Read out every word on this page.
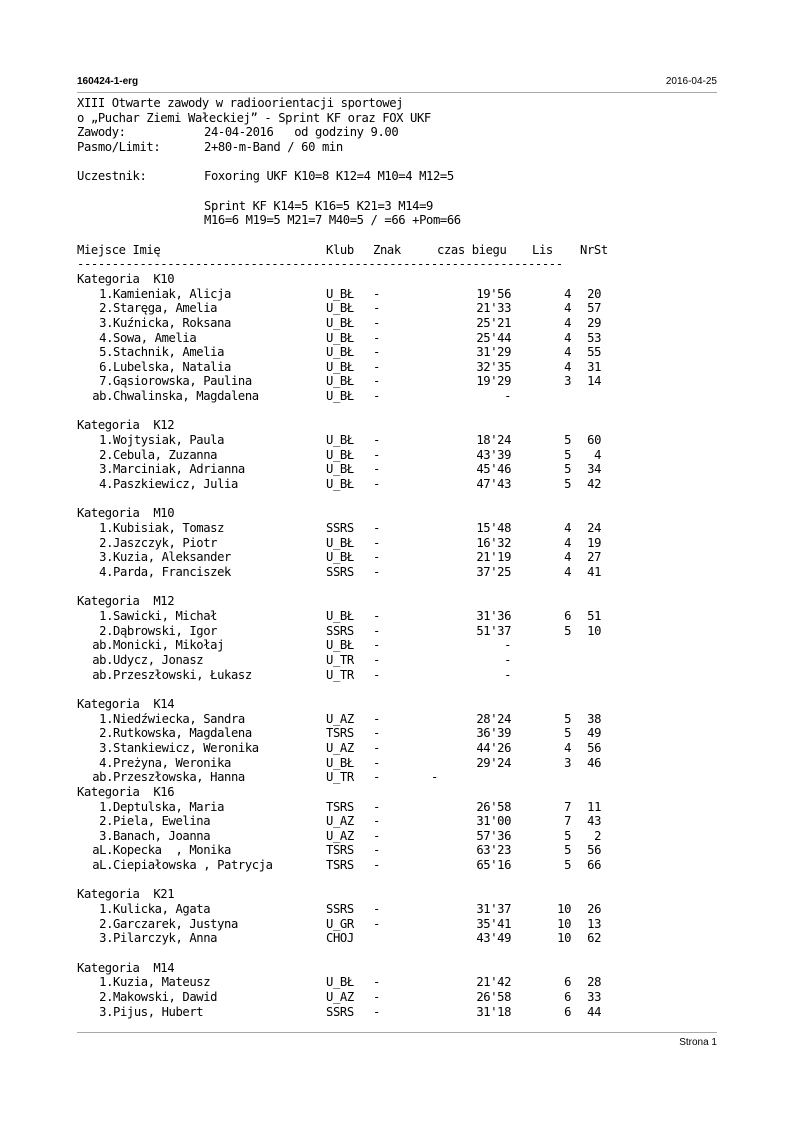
160424-1-erg	2016-04-25
XIII Otwarte zawody w radioorientacji sportowej
o „Puchar Ziemi Wałeckiej” - Sprint KF oraz FOX UKF
Zawody:	24-04-2016   od godziny 9.00
Pasmo/Limit:	2+80-m-Band / 60 min
Uczestnik:	Foxoring UKF K10=8 K12=4 M10=4 M12=5
Sprint KF K14=5 K16=5 K21=3 M14=9
M16=6 M19=5 M21=7 M40=5 / =66 +Pom=66
Miejsce Imię	Klub Znak	czas biegu Lis NrSt
----------------------------------------------------------------------
Kategoria  K10
1.Kamieniak, Alicja	U_BŁ -	19'56	4 20
2.Staręga, Amelia	U_BŁ -	21'33	4 57
3.Kuźnicka, Roksana	U_BŁ -	25'21	4 29
4.Sowa, Amelia	U_BŁ -	25'44	4 53
5.Stachnik, Amelia	U_BŁ -	31'29	4 55
6.Lubelska, Natalia	U_BŁ -	32'35	4 31
7.Gąsiorowska, Paulina	U_BŁ -	19'29	3 14
ab.Chwalinska, Magdalena	U_BŁ -	-
Kategoria  K12
1.Wojtysiak, Paula	U_BŁ -	18'24	5 60
2.Cebula, Zuzanna	U_BŁ -	43'39	5 4
3.Marciniak, Adrianna	U_BŁ -	45'46	5 34
4.Paszkiewicz, Julia	U_BŁ -	47'43	5 42
Kategoria  M10
1.Kubisiak, Tomasz	SSRS -	15'48	4 24
2.Jaszczyk, Piotr	U_BŁ -	16'32	4 19
3.Kuzia, Aleksander	U_BŁ -	21'19	4 27
4.Parda, Franciszek	SSRS -	37'25	4 41
Kategoria  M12
1.Sawicki, Michał	U_BŁ -	31'36	6 51
2.Dąbrowski, Igor	SSRS -	51'37	5 10
ab.Monicki, Mikołaj	U_BŁ -	-
ab.Udycz, Jonasz	U_TR -	-
ab.Przeszłowski, Łukasz	U_TR -	-
Kategoria  K14
1.Niedźwiecka, Sandra	U_AZ -	28'24	5 38
2.Rutkowska, Magdalena	TSRS -	36'39	5 49
3.Stankiewicz, Weronika	U_AZ -	44'26	4 56
4.Preżyna, Weronika	U_BŁ -	29'24	3 46
ab.Przeszłowska, Hanna	U_TR -	-
Kategoria  K16
1.Deptulska, Maria	TSRS -	26'58	7 11
2.Piela, Ewelina	U_AZ -	31'00	7 43
3.Banach, Joanna	U_AZ -	57'36	5 2
aL.Kopecka  , Monika	TSRS -	63'23	5 56
aL.Ciepiałowska , Patrycja	TSRS -	65'16	5 66
Kategoria  K21
1.Kulicka, Agata	SSRS -	31'37	10 26
2.Garczarek, Justyna	U_GR -	35'41	10 13
3.Pilarczyk, Anna	CHOJ	43'49	10 62
Kategoria  M14
1.Kuzia, Mateusz	U_BŁ -	21'42	6 28
2.Makowski, Dawid	U_AZ -	26'58	6 33
3.Pijus, Hubert	SSRS -	31'18	6 44
Strona 1
